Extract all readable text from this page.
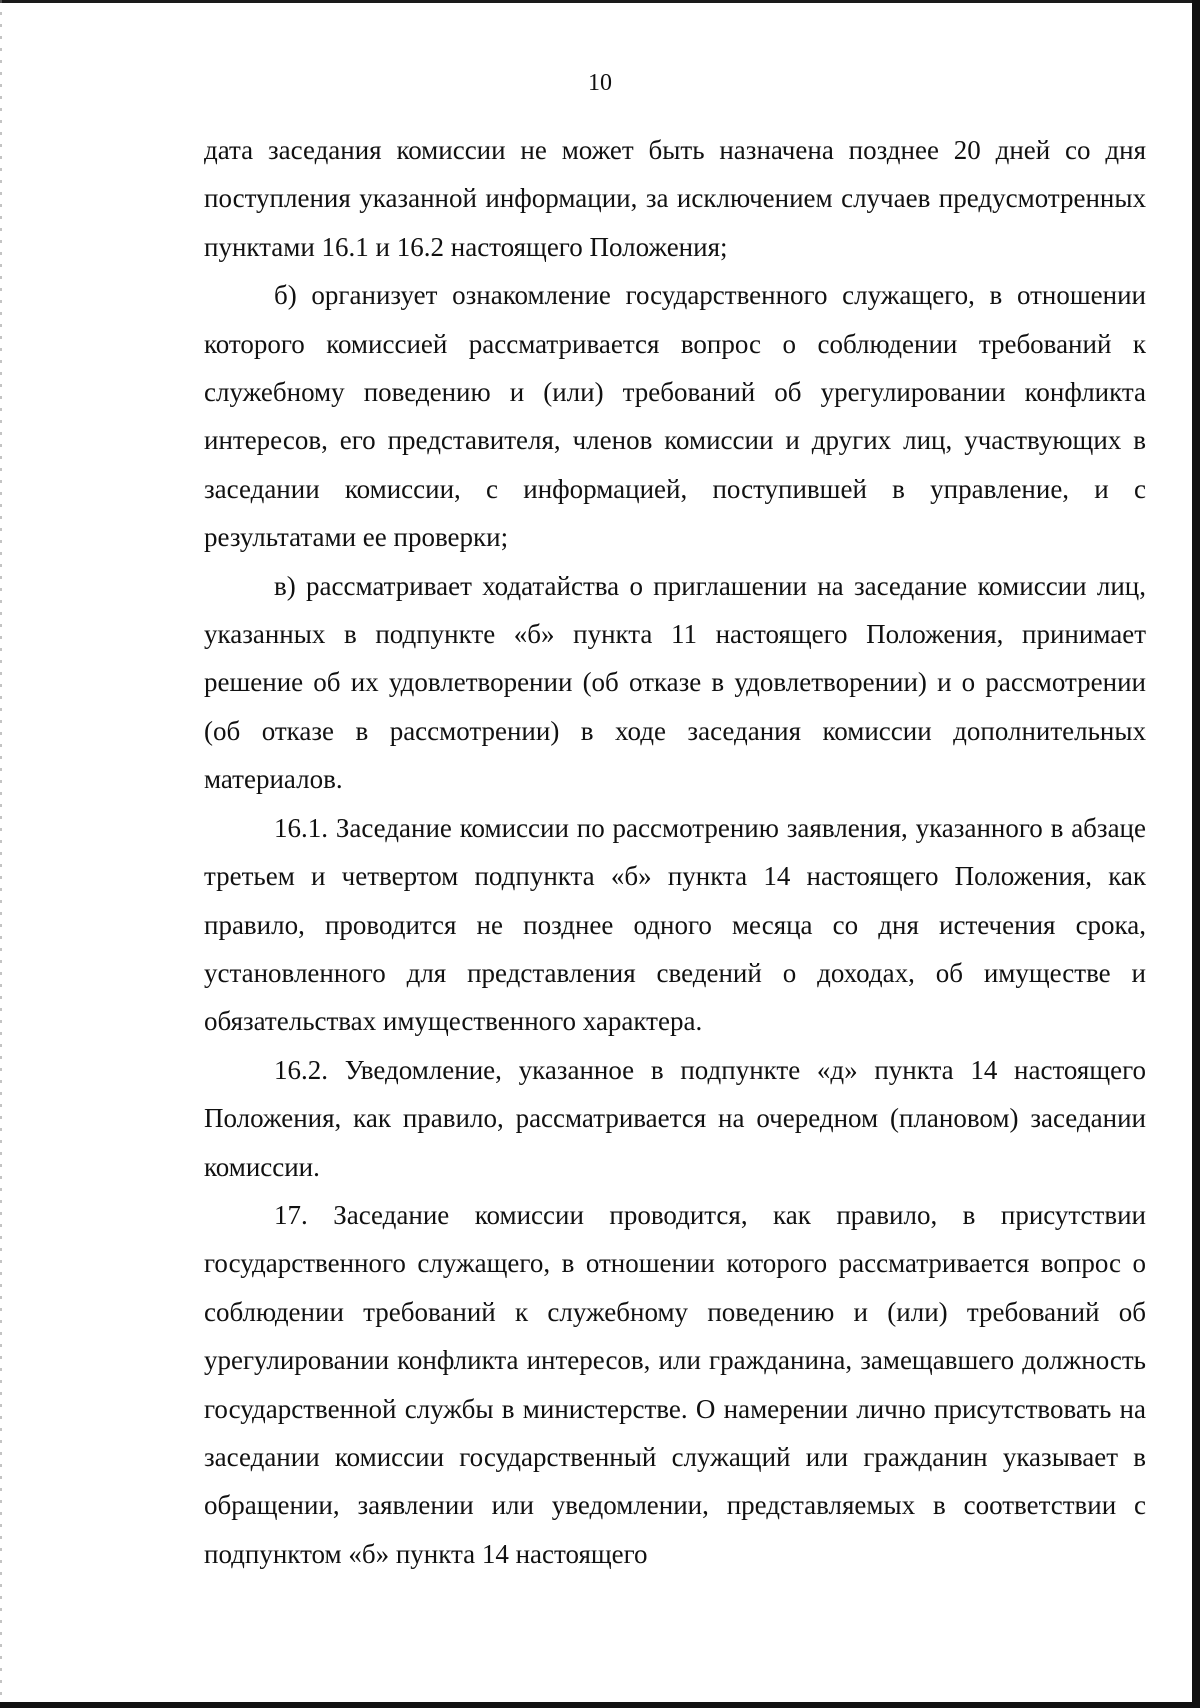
10

дата заседания комиссии не может быть назначена позднее 20 дней со дня поступления указанной информации, за исключением случаев предусмотренных пунктами 16.1 и 16.2 настоящего Положения;

б) организует ознакомление государственного служащего, в отношении которого комиссией рассматривается вопрос о соблюдении требований к служебному поведению и (или) требований об урегулировании конфликта интересов, его представителя, членов комиссии и других лиц, участвующих в заседании комиссии, с информацией, поступившей в управление, и с результатами ее проверки;

в) рассматривает ходатайства о приглашении на заседание комиссии лиц, указанных в подпункте «б» пункта 11 настоящего Положения, принимает решение об их удовлетворении (об отказе в удовлетворении) и о рассмотрении (об отказе в рассмотрении) в ходе заседания комиссии дополнительных материалов.

16.1. Заседание комиссии по рассмотрению заявления, указанного в абзаце третьем и четвертом подпункта «б» пункта 14 настоящего Положения, как правило, проводится не позднее одного месяца со дня истечения срока, установленного для представления сведений о доходах, об имуществе и обязательствах имущественного характера.

16.2. Уведомление, указанное в подпункте «д» пункта 14 настоящего Положения, как правило, рассматривается на очередном (плановом) заседании комиссии.

17. Заседание комиссии проводится, как правило, в присутствии государственного служащего, в отношении которого рассматривается вопрос о соблюдении требований к служебному поведению и (или) требований об урегулировании конфликта интересов, или гражданина, замещавшего должность государственной службы в министерстве. О намерении лично присутствовать на заседании комиссии государственный служащий или гражданин указывает в обращении, заявлении или уведомлении, представляемых в соответствии с подпунктом «б» пункта 14 настоящего
